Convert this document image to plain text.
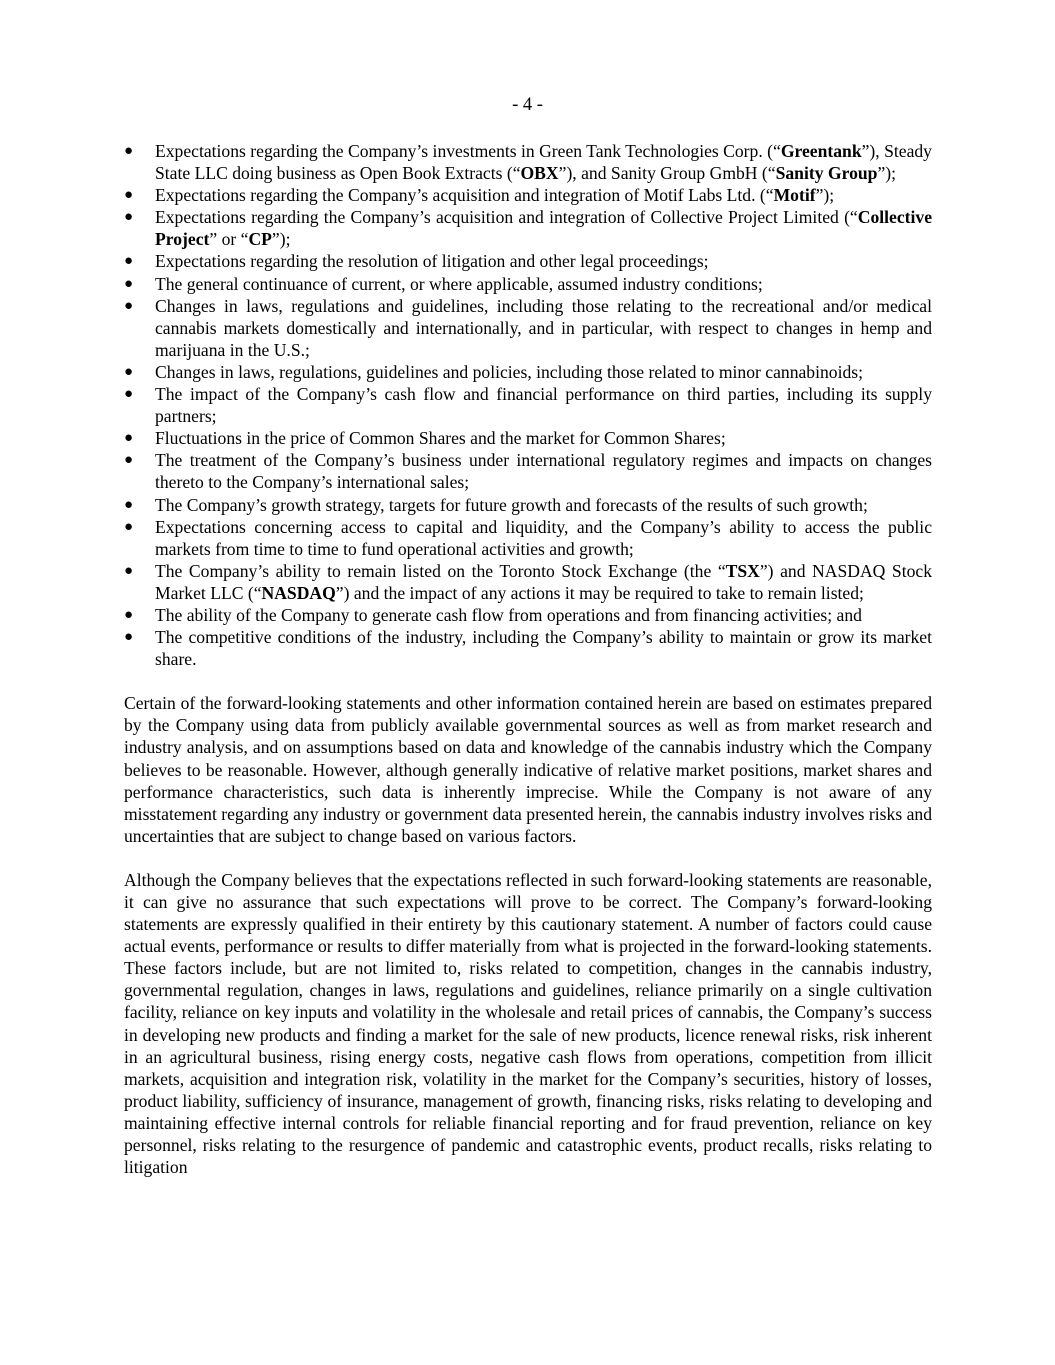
- 4 -
● Expectations regarding the Company’s investments in Green Tank Technologies Corp. (“Greentank”), Steady State LLC doing business as Open Book Extracts (“OBX”), and Sanity Group GmbH (“Sanity Group”);
● Expectations regarding the Company’s acquisition and integration of Motif Labs Ltd. (“Motif”);
● Expectations regarding the Company’s acquisition and integration of Collective Project Limited (“Collective Project” or “CP”);
● Expectations regarding the resolution of litigation and other legal proceedings;
● The general continuance of current, or where applicable, assumed industry conditions;
● Changes in laws, regulations and guidelines, including those relating to the recreational and/or medical cannabis markets domestically and internationally, and in particular, with respect to changes in hemp and marijuana in the U.S.;
● Changes in laws, regulations, guidelines and policies, including those related to minor cannabinoids;
● The impact of the Company’s cash flow and financial performance on third parties, including its supply partners;
● Fluctuations in the price of Common Shares and the market for Common Shares;
● The treatment of the Company’s business under international regulatory regimes and impacts on changes thereto to the Company’s international sales;
● The Company’s growth strategy, targets for future growth and forecasts of the results of such growth;
● Expectations concerning access to capital and liquidity, and the Company’s ability to access the public markets from time to time to fund operational activities and growth;
● The Company’s ability to remain listed on the Toronto Stock Exchange (the “TSX”) and NASDAQ Stock Market LLC (“NASDAQ”) and the impact of any actions it may be required to take to remain listed;
● The ability of the Company to generate cash flow from operations and from financing activities; and
● The competitive conditions of the industry, including the Company’s ability to maintain or grow its market share.

Certain of the forward-looking statements and other information contained herein are based on estimates prepared by the Company using data from publicly available governmental sources as well as from market research and industry analysis, and on assumptions based on data and knowledge of the cannabis industry which the Company believes to be reasonable. However, although generally indicative of relative market positions, market shares and performance characteristics, such data is inherently imprecise. While the Company is not aware of any misstatement regarding any industry or government data presented herein, the cannabis industry involves risks and uncertainties that are subject to change based on various factors.

Although the Company believes that the expectations reflected in such forward-looking statements are reasonable, it can give no assurance that such expectations will prove to be correct. The Company’s forward-looking statements are expressly qualified in their entirety by this cautionary statement. A number of factors could cause actual events, performance or results to differ materially from what is projected in the forward-looking statements. These factors include, but are not limited to, risks related to competition, changes in the cannabis industry, governmental regulation, changes in laws, regulations and guidelines, reliance primarily on a single cultivation facility, reliance on key inputs and volatility in the wholesale and retail prices of cannabis, the Company’s success in developing new products and finding a market for the sale of new products, licence renewal risks, risk inherent in an agricultural business, rising energy costs, negative cash flows from operations, competition from illicit markets, acquisition and integration risk, volatility in the market for the Company’s securities, history of losses, product liability, sufficiency of insurance, management of growth, financing risks, risks relating to developing and maintaining effective internal controls for reliable financial reporting and for fraud prevention, reliance on key personnel, risks relating to the resurgence of pandemic and catastrophic events, product recalls, risks relating to litigation
